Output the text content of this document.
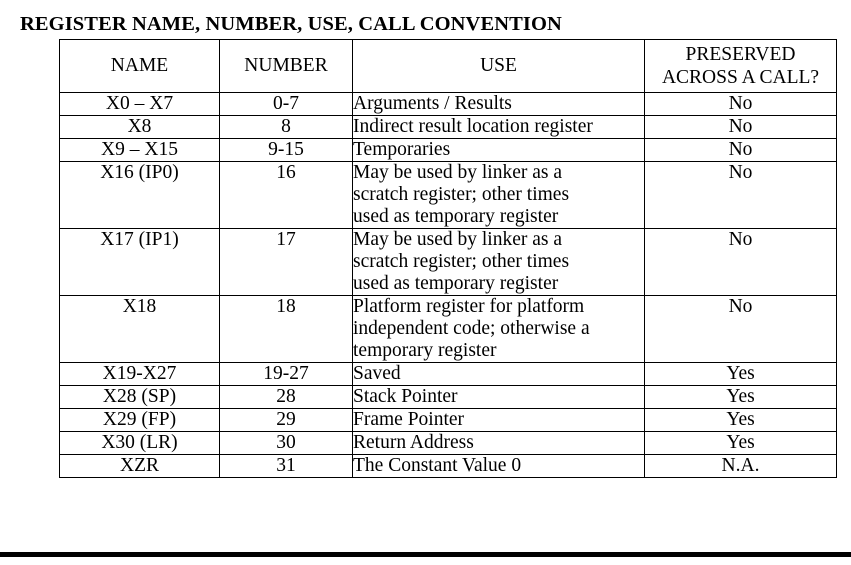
REGISTER NAME, NUMBER, USE, CALL CONVENTION
NAME	NUMBER	USE	PRESERVED
ACROSS A CALL?
X0 – X7	0-7	Arguments / Results	No
X8	8	Indirect result location register	No
X9 – X15	9-15	Temporaries	No
X16 (IP0)	16	May be used by linker as a
scratch register; other times
used as temporary register	No
X17 (IP1)	17	May be used by linker as a
scratch register; other times
used as temporary register	No
X18	18	Platform register for platform
independent code; otherwise a
temporary register	No
X19-X27	19-27	Saved	Yes
X28 (SP)	28	Stack Pointer	Yes
X29 (FP)	29	Frame Pointer	Yes
X30 (LR)	30	Return Address	Yes
XZR	31	The Constant Value 0	N.A.
